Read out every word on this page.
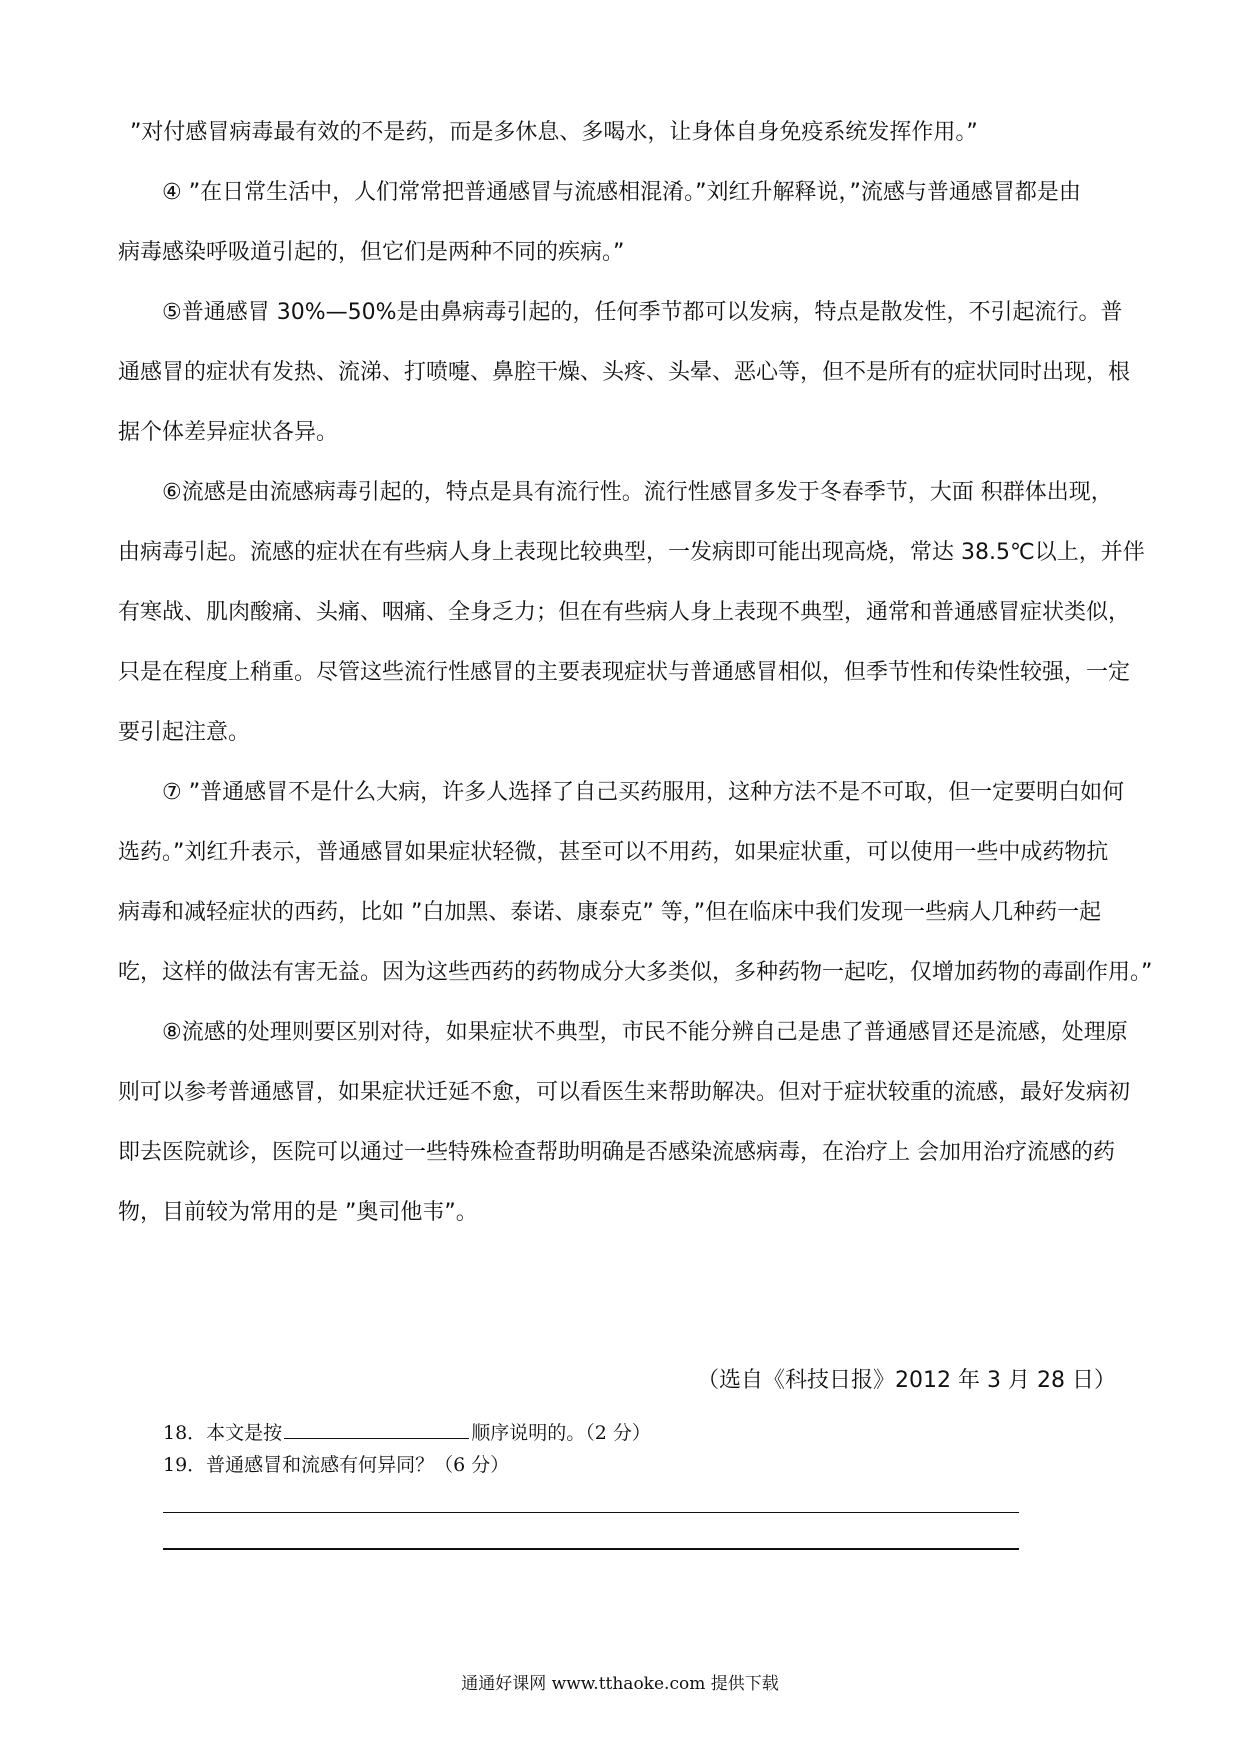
”对付感冒病毒最有效的不是药，而是多休息、多喝水，让身体自身免疫系统发挥作用。”
④ ”在日常生活中，人们常常把普通感冒与流感相混淆。”刘红升解释说，”流感与普通感冒都是由
病毒感染呼吸道引起的，但它们是两种不同的疾病。”
⑤普通感冒 30%—50%是由鼻病毒引起的，任何季节都可以发病，特点是散发性，不引起流行。普
通感冒的症状有发热、流涕、打喷嚏、鼻腔干燥、头疼、头晕、恶心等，但不是所有的症状同时出现，根
据个体差异症状各异。
⑥流感是由流感病毒引起的，特点是具有流行性。流行性感冒多发于冬春季节，大面 积群体出现，
由病毒引起。流感的症状在有些病人身上表现比较典型，一发病即可能出现高烧，常达 38.5℃以上，并伴
有寒战、肌肉酸痛、头痛、咽痛、全身乏力；但在有些病人身上表现不典型，通常和普通感冒症状类似，
只是在程度上稍重。尽管这些流行性感冒的主要表现症状与普通感冒相似，但季节性和传染性较强，一定
要引起注意。
⑦ ”普通感冒不是什么大病，许多人选择了自己买药服用，这种方法不是不可取，但一定要明白如何
选药。”刘红升表示，普通感冒如果症状轻微，甚至可以不用药，如果症状重，可以使用一些中成药物抗
病毒和减轻症状的西药，比如 ”白加黑、泰诺、康泰克” 等，”但在临床中我们发现一些病人几种药一起
吃，这样的做法有害无益。因为这些西药的药物成分大多类似，多种药物一起吃，仅增加药物的毒副作用。”
⑧流感的处理则要区别对待，如果症状不典型，市民不能分辨自己是患了普通感冒还是流感，处理原
则可以参考普通感冒，如果症状迁延不愈，可以看医生来帮助解决。但对于症状较重的流感，最好发病初
即去医院就诊，医院可以通过一些特殊检查帮助明确是否感染流感病毒，在治疗上 会加用治疗流感的药
物，目前较为常用的是 ”奥司他韦”。
（选自《科技日报》2012 年 3 月 28 日）
18．本文是按	顺序说明的。（2 分）
19．普通感冒和流感有何异同？（6 分）
通通好课网 www.tthaoke.com 提供下载
